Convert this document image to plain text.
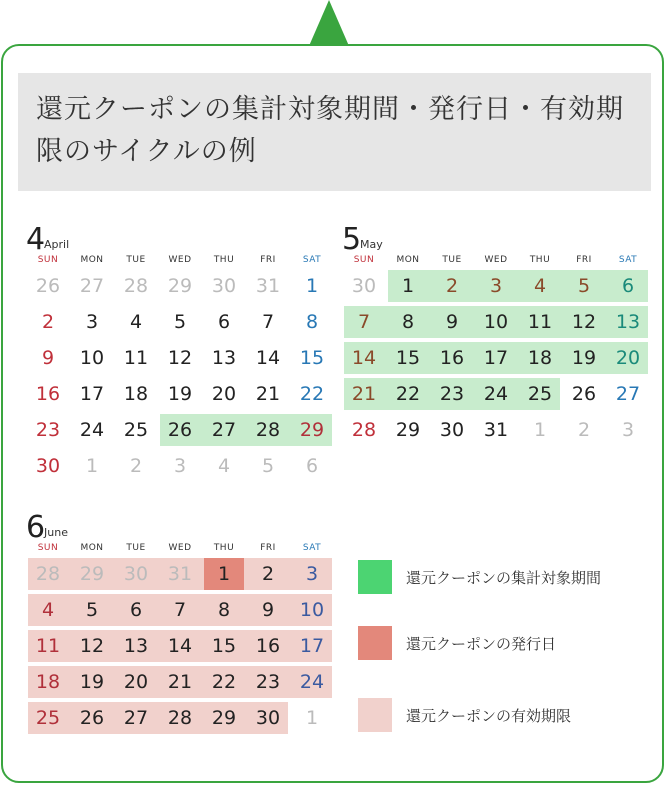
還元クーポンの集計対象期間・発行日・有効期限のサイクルの例
4
April
SUN	MON	TUE	WED	THU	FRI	SAT
26	27	28	29	30	31	1
2	3	4	5	6	7	8
9	10	11	12	13	14	15
16	17	18	19	20	21	22
23	24	25	26	27	28	29
30	1	2	3	4	5	6
5
May
SUN	MON	TUE	WED	THU	FRI	SAT
30	1	2	3	4	5	6
7	8	9	10	11	12	13
14	15	16	17	18	19	20
21	22	23	24	25	26	27
28	29	30	31	1	2	3
6
June
SUN	MON	TUE	WED	THU	FRI	SAT
28	29	30	31	1	2	3
4	5	6	7	8	9	10
11	12	13	14	15	16	17
18	19	20	21	22	23	24
25	26	27	28	29	30	1
還元クーポンの集計対象期間
還元クーポンの発行日
還元クーポンの有効期限
